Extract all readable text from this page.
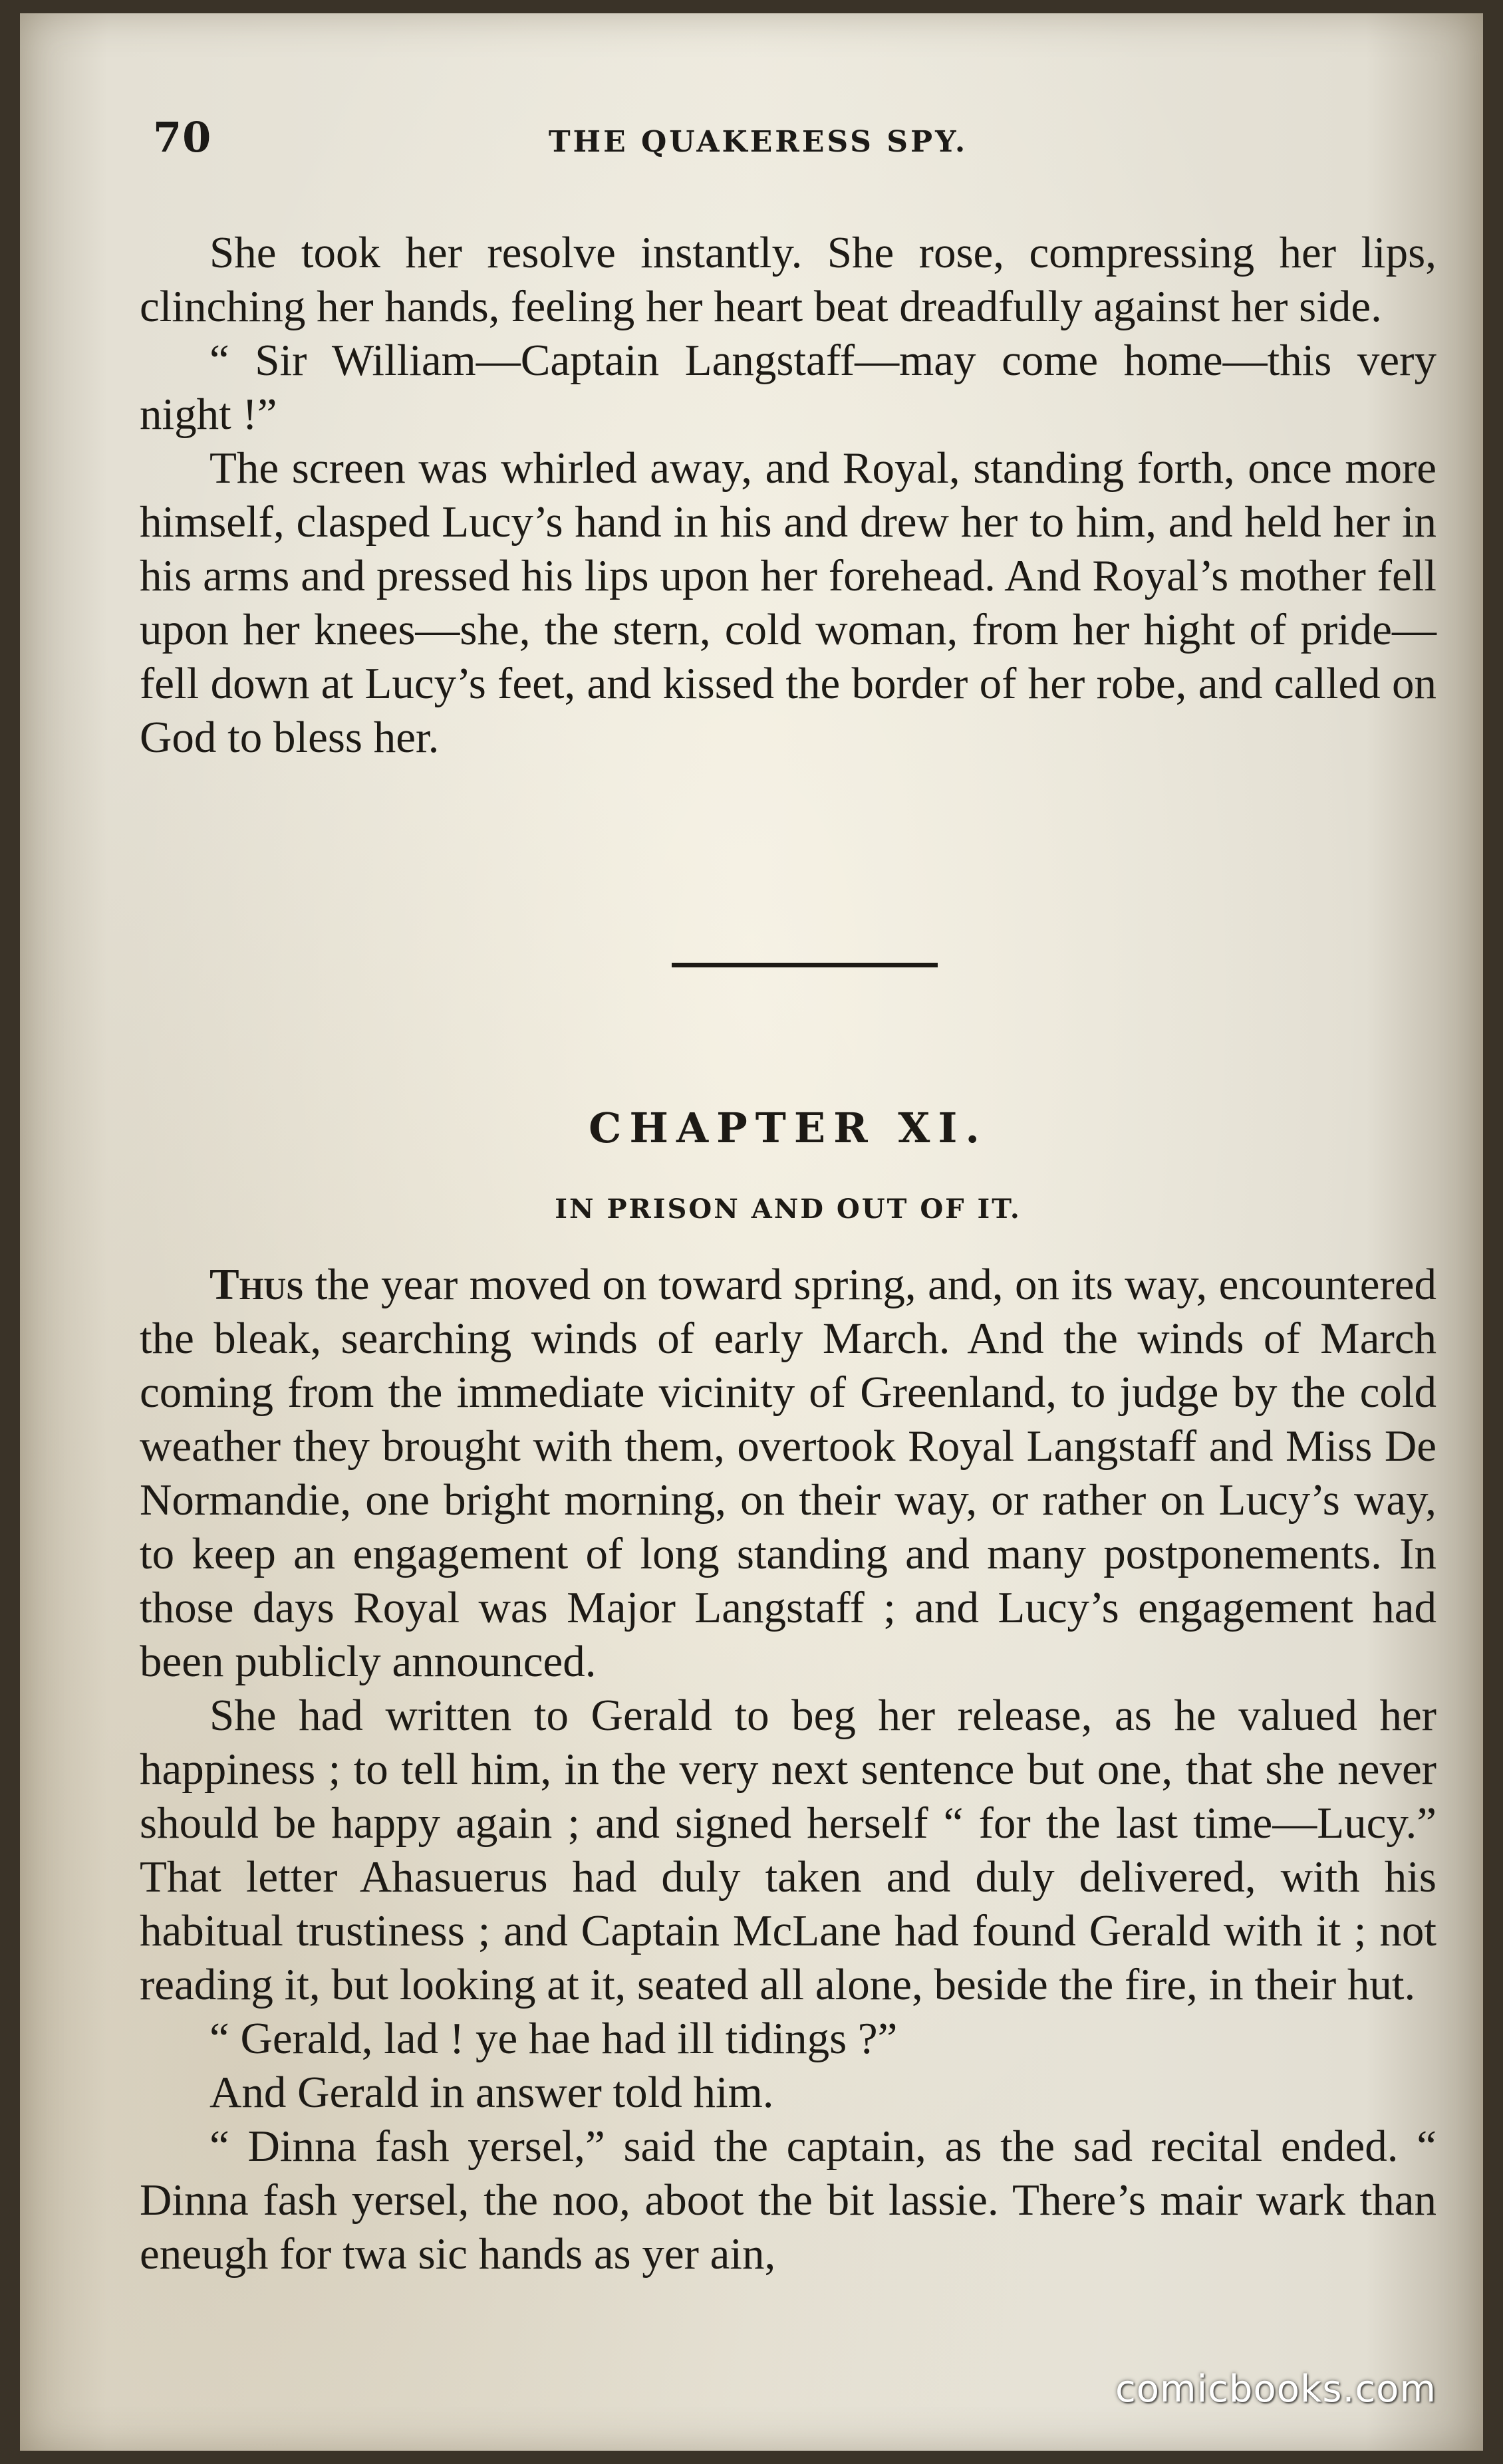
70	THE QUAKERESS SPY.

She took her resolve instantly. She rose, compressing her lips, clinching her hands, feeling her heart beat dreadfully against her side.

“ Sir William—Captain Langstaff—may come home—this very night !”

The screen was whirled away, and Royal, standing forth, once more himself, clasped Lucy’s hand in his and drew her to him, and held her in his arms and pressed his lips upon her forehead. And Royal’s mother fell upon her knees—she, the stern, cold woman, from her hight of pride—fell down at Lucy’s feet, and kissed the border of her robe, and called on God to bless her.

CHAPTER XI.
IN PRISON AND OUT OF IT.

Thus the year moved on toward spring, and, on its way, encountered the bleak, searching winds of early March. And the winds of March coming from the immediate vicinity of Greenland, to judge by the cold weather they brought with them, overtook Royal Langstaff and Miss De Normandie, one bright morning, on their way, or rather on Lucy’s way, to keep an engagement of long standing and many postponements. In those days Royal was Major Langstaff ; and Lucy’s engagement had been publicly announced.

She had written to Gerald to beg her release, as he valued her happiness ; to tell him, in the very next sentence but one, that she never should be happy again ; and signed herself “ for the last time—Lucy.” That letter Ahasuerus had duly taken and duly delivered, with his habitual trustiness ; and Captain McLane had found Gerald with it ; not reading it, but looking at it, seated all alone, beside the fire, in their hut.

“ Gerald, lad ! ye hae had ill tidings ?”

And Gerald in answer told him.

“ Dinna fash yersel,” said the captain, as the sad recital ended. “ Dinna fash yersel, the noo, aboot the bit lassie. There’s mair wark than eneugh for twa sic hands as yer ain,

comicbooks.com
